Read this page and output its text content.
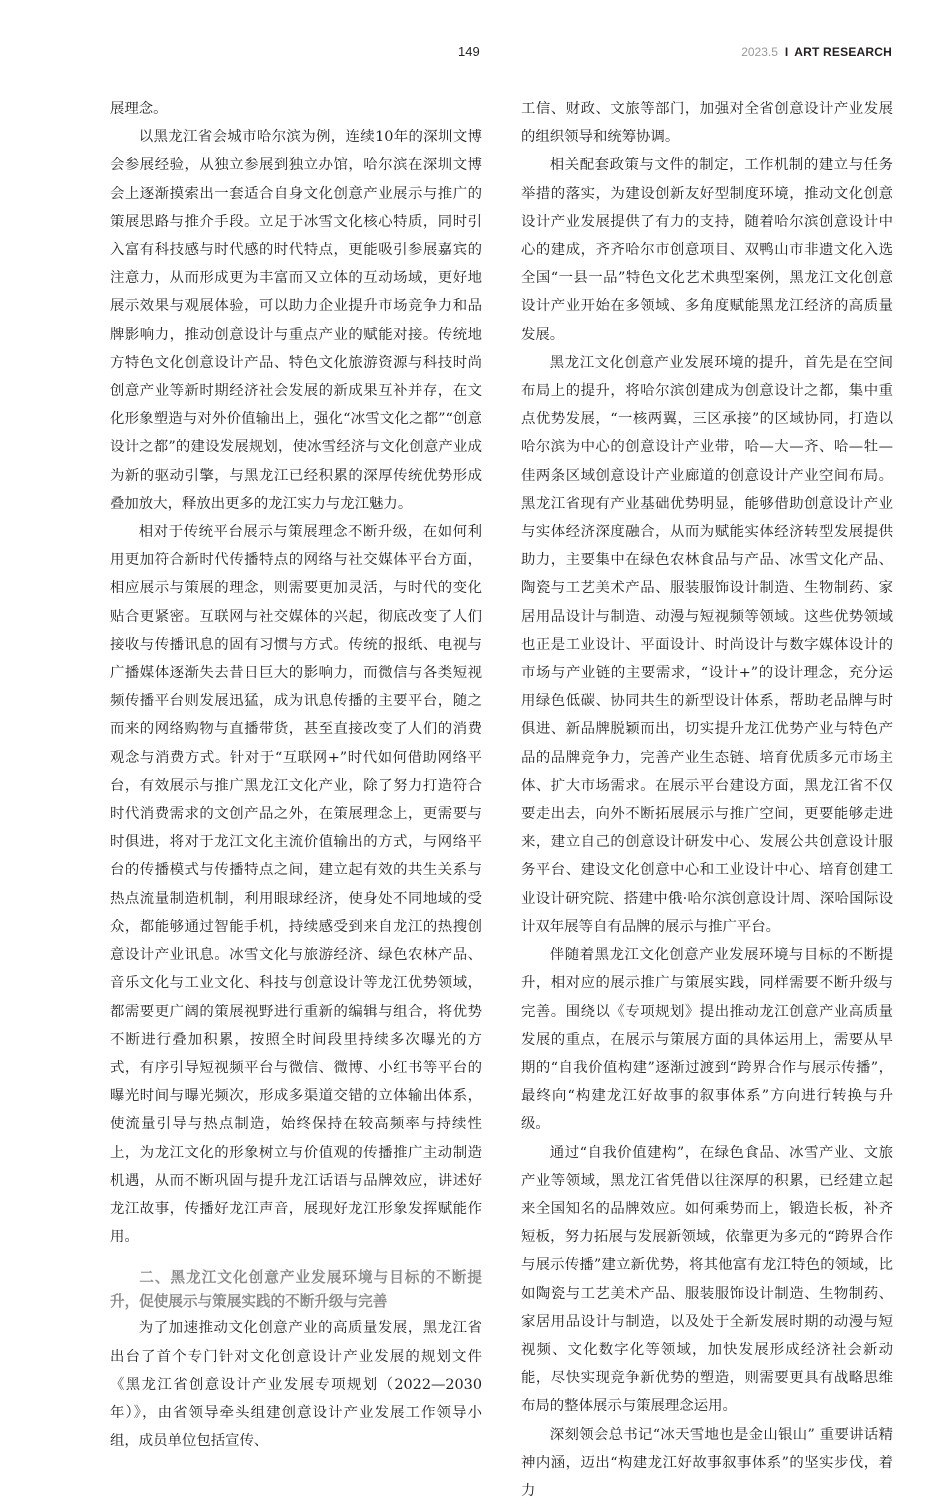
149	2023.5 I ART RESEARCH

展理念。

以黑龙江省会城市哈尔滨为例，连续10年的深圳文博会参展经验，从独立参展到独立办馆，哈尔滨在深圳文博会上逐渐摸索出一套适合自身文化创意产业展示与推广的策展思路与推介手段。立足于冰雪文化核心特质，同时引入富有科技感与时代感的时代特点，更能吸引参展嘉宾的注意力，从而形成更为丰富而又立体的互动场域，更好地展示效果与观展体验，可以助力企业提升市场竞争力和品牌影响力，推动创意设计与重点产业的赋能对接。传统地方特色文化创意设计产品、特色文化旅游资源与科技时尚创意产业等新时期经济社会发展的新成果互补并存，在文化形象塑造与对外价值输出上，强化“冰雪文化之都”“创意设计之都”的建设发展规划，使冰雪经济与文化创意产业成为新的驱动引擎，与黑龙江已经积累的深厚传统优势形成叠加放大，释放出更多的龙江实力与龙江魅力。

相对于传统平台展示与策展理念不断升级，在如何利用更加符合新时代传播特点的网络与社交媒体平台方面，相应展示与策展的理念，则需要更加灵活，与时代的变化贴合更紧密。互联网与社交媒体的兴起，彻底改变了人们接收与传播讯息的固有习惯与方式。传统的报纸、电视与广播媒体逐渐失去昔日巨大的影响力，而微信与各类短视频传播平台则发展迅猛，成为讯息传播的主要平台，随之而来的网络购物与直播带货，甚至直接改变了人们的消费观念与消费方式。针对于“互联网+”时代如何借助网络平台，有效展示与推广黑龙江文化产业，除了努力打造符合时代消费需求的文创产品之外，在策展理念上，更需要与时俱进，将对于龙江文化主流价值输出的方式，与网络平台的传播模式与传播特点之间，建立起有效的共生关系与热点流量制造机制，利用眼球经济，使身处不同地域的受众，都能够通过智能手机，持续感受到来自龙江的热搜创意设计产业讯息。冰雪文化与旅游经济、绿色农林产品、音乐文化与工业文化、科技与创意设计等龙江优势领域，都需要更广阔的策展视野进行重新的编辑与组合，将优势不断进行叠加积累，按照全时间段里持续多次曝光的方式，有序引导短视频平台与微信、微博、小红书等平台的曝光时间与曝光频次，形成多渠道交错的立体输出体系，使流量引导与热点制造，始终保持在较高频率与持续性上，为龙江文化的形象树立与价值观的传播推广主动制造机遇，从而不断巩固与提升龙江话语与品牌效应，讲述好龙江故事，传播好龙江声音，展现好龙江形象发挥赋能作用。

二、黑龙江文化创意产业发展环境与目标的不断提升，促使展示与策展实践的不断升级与完善

为了加速推动文化创意产业的高质量发展，黑龙江省出台了首个专门针对文化创意设计产业发展的规划文件《黑龙江省创意设计产业发展专项规划（2022—2030年）》，由省领导牵头组建创意设计产业发展工作领导小组，成员单位包括宣传、

工信、财政、文旅等部门，加强对全省创意设计产业发展的组织领导和统筹协调。

相关配套政策与文件的制定，工作机制的建立与任务举措的落实，为建设创新友好型制度环境，推动文化创意设计产业发展提供了有力的支持，随着哈尔滨创意设计中心的建成，齐齐哈尔市创意项目、双鸭山市非遗文化入选全国“一县一品”特色文化艺术典型案例，黑龙江文化创意设计产业开始在多领域、多角度赋能黑龙江经济的高质量发展。

黑龙江文化创意产业发展环境的提升，首先是在空间布局上的提升，将哈尔滨创建成为创意设计之都，集中重点优势发展，“一核两翼，三区承接”的区域协同，打造以哈尔滨为中心的创意设计产业带，哈—大—齐、哈—牡—佳两条区域创意设计产业廊道的创意设计产业空间布局。黑龙江省现有产业基础优势明显，能够借助创意设计产业与实体经济深度融合，从而为赋能实体经济转型发展提供助力，主要集中在绿色农林食品与产品、冰雪文化产品、陶瓷与工艺美术产品、服装服饰设计制造、生物制药、家居用品设计与制造、动漫与短视频等领域。这些优势领域也正是工业设计、平面设计、时尚设计与数字媒体设计的市场与产业链的主要需求，“设计+”的设计理念，充分运用绿色低碳、协同共生的新型设计体系，帮助老品牌与时俱进、新品牌脱颖而出，切实提升龙江优势产业与特色产品的品牌竞争力，完善产业生态链、培育优质多元市场主体、扩大市场需求。在展示平台建设方面，黑龙江省不仅要走出去，向外不断拓展展示与推广空间，更要能够走进来，建立自己的创意设计研发中心、发展公共创意设计服务平台、建设文化创意中心和工业设计中心、培育创建工业设计研究院、搭建中俄·哈尔滨创意设计周、深哈国际设计双年展等自有品牌的展示与推广平台。

伴随着黑龙江文化创意产业发展环境与目标的不断提升，相对应的展示推广与策展实践，同样需要不断升级与完善。围绕以《专项规划》提出推动龙江创意产业高质量发展的重点，在展示与策展方面的具体运用上，需要从早期的“自我价值构建”逐渐过渡到“跨界合作与展示传播”，最终向“构建龙江好故事的叙事体系”方向进行转换与升级。

通过“自我价值建构”，在绿色食品、冰雪产业、文旅产业等领域，黑龙江省凭借以往深厚的积累，已经建立起来全国知名的品牌效应。如何乘势而上，锻造长板，补齐短板，努力拓展与发展新领域，依靠更为多元的“跨界合作与展示传播”建立新优势，将其他富有龙江特色的领域，比如陶瓷与工艺美术产品、服装服饰设计制造、生物制药、家居用品设计与制造，以及处于全新发展时期的动漫与短视频、文化数字化等领域，加快发展形成经济社会新动能，尽快实现竞争新优势的塑造，则需要更具有战略思维布局的整体展示与策展理念运用。

深刻领会总书记“冰天雪地也是金山银山” 重要讲话精神内涵，迈出“构建龙江好故事叙事体系”的坚实步伐，着力
